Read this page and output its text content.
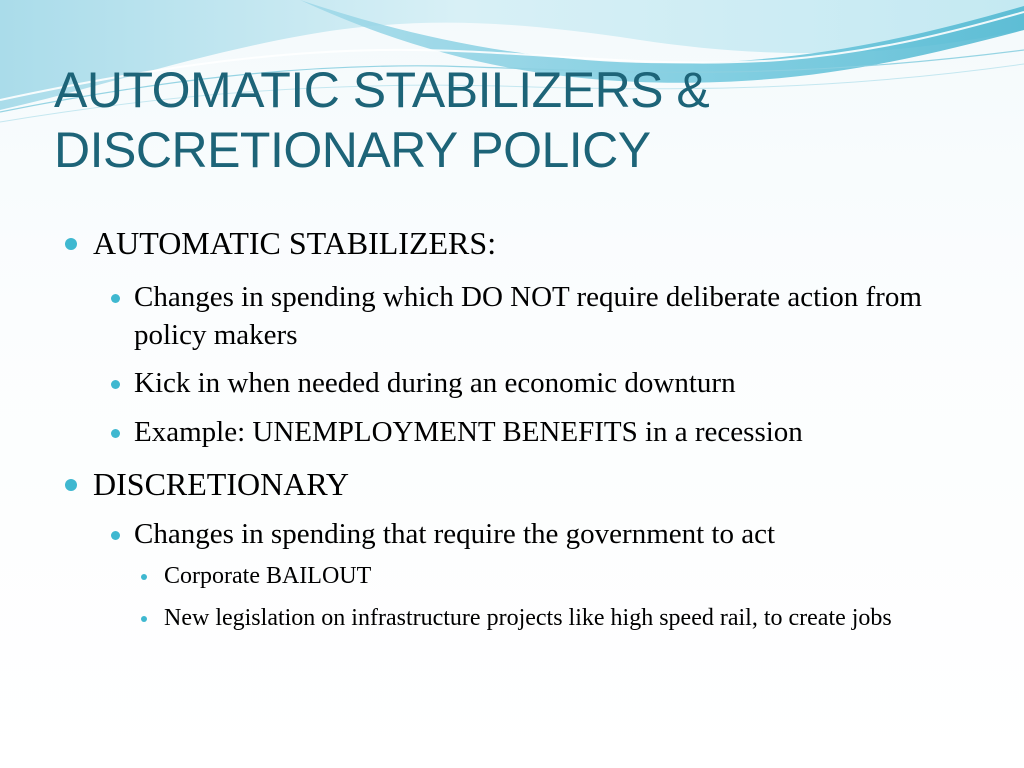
AUTOMATIC STABILIZERS &
DISCRETIONARY POLICY
AUTOMATIC STABILIZERS:
Changes in spending which DO NOT require deliberate action from policy makers
Kick in when needed during an economic downturn
Example: UNEMPLOYMENT BENEFITS in a recession
DISCRETIONARY
Changes in spending that require the government to act
Corporate BAILOUT
New legislation on infrastructure projects like high speed rail, to create jobs
